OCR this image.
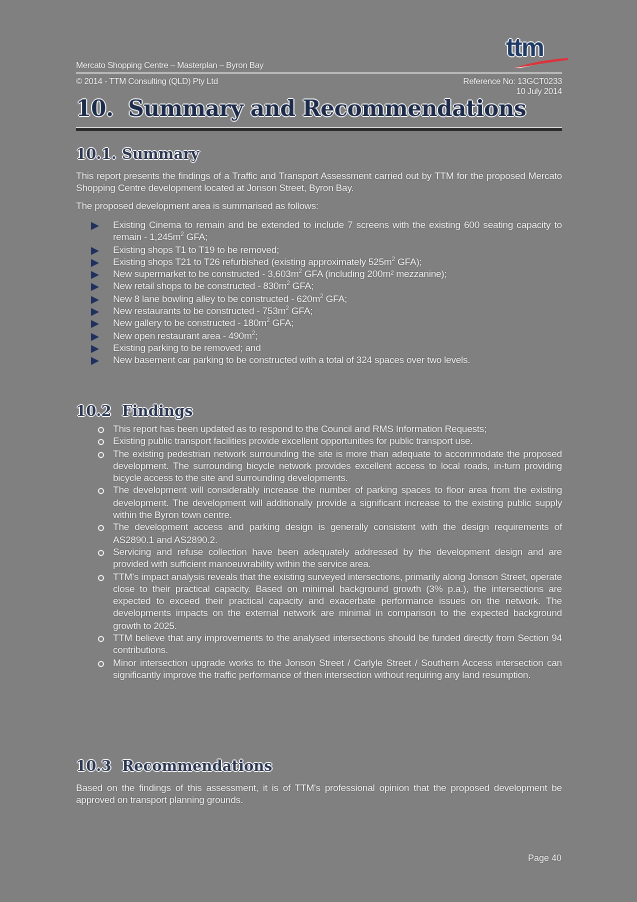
ttm
Mercato Shopping Centre – Masterplan – Byron Bay
© 2014 - TTM Consulting (QLD) Pty Ltd	Reference No: 13GCT0233
10 July 2014
10. Summary and Recommendations
10.1. Summary
This report presents the findings of a Traffic and Transport Assessment carried out by TTM for the proposed Mercato Shopping Centre development located at Jonson Street, Byron Bay.
The proposed development area is summarised as follows:
Existing Cinema to remain and be extended to include 7 screens with the existing 600 seating capacity to remain - $1,245m^2$ GFA;
Existing shops T1 to T19 to be removed;
Existing shops T21 to T26 refurbished (existing approximately $525m^2$ GFA);
New supermarket to be constructed - $3,603m^2$ GFA (including 200m² mezzanine);
New retail shops to be constructed - $830m^2$ GFA;
New 8 lane bowling alley to be constructed - $620m^2$ GFA;
New restaurants to be constructed - $753m^2$ GFA;
New gallery to be constructed - $180m^2$ GFA;
New open restaurant area - $490m^2$;
Existing parking to be removed; and
New basement car parking to be constructed with a total of 324 spaces over two levels.
10.2 Findings
This report has been updated as to respond to the Council and RMS Information Requests;
Existing public transport facilities provide excellent opportunities for public transport use.
The existing pedestrian network surrounding the site is more than adequate to accommodate the proposed development. The surrounding bicycle network provides excellent access to local roads, in-turn providing bicycle access to the site and surrounding developments.
The development will considerably increase the number of parking spaces to floor area from the existing development. The development will additionally provide a significant increase to the existing public supply within the Byron town centre.
The development access and parking design is generally consistent with the design requirements of AS2890.1 and AS2890.2.
Servicing and refuse collection have been adequately addressed by the development design and are provided with sufficient manoeuvrability within the service area.
TTM's impact analysis reveals that the existing surveyed intersections, primarily along Jonson Street, operate close to their practical capacity. Based on minimal background growth (3% p.a.), the intersections are expected to exceed their practical capacity and exacerbate performance issues on the network. The developments impacts on the external network are minimal in comparison to the expected background growth to 2025.
TTM believe that any improvements to the analysed intersections should be funded directly from Section 94 contributions.
Minor intersection upgrade works to the Jonson Street / Carlyle Street / Southern Access intersection can significantly improve the traffic performance of then intersection without requiring any land resumption.
10.3 Recommendations
Based on the findings of this assessment, it is of TTM's professional opinion that the proposed development be approved on transport planning grounds.
Page 40
